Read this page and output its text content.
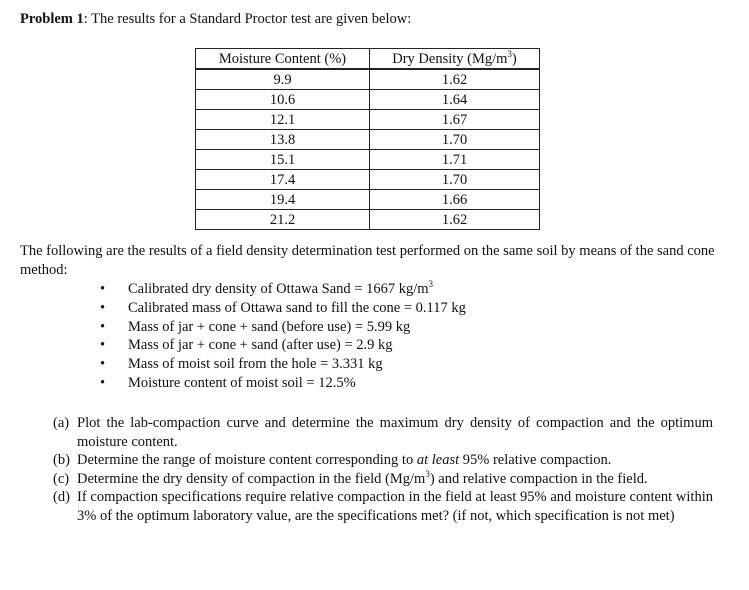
Problem 1: The results for a Standard Proctor test are given below:
Moisture Content (%)	Dry Density $(Mg/m^3)$
9.9	1.62
10.6	1.64
12.1	1.67
13.8	1.70
15.1	1.71
17.4	1.70
19.4	1.66
21.2	1.62
The following are the results of a field density determination test performed on the same soil by means of the sand cone method:
• Calibrated dry density of Ottawa Sand = 1667 $kg/m^3$
• Calibrated mass of Ottawa sand to fill the cone = 0.117 kg
• Mass of jar + cone + sand (before use) = 5.99 kg
• Mass of jar + cone + sand (after use) = 2.9 kg
• Mass of moist soil from the hole = 3.331 kg
• Moisture content of moist soil = 12.5%
(a) Plot the lab-compaction curve and determine the maximum dry density of compaction and the optimum moisture content.
(b) Determine the range of moisture content corresponding to at least 95% relative compaction.
(c) Determine the dry density of compaction in the field $(Mg/m^3)$ and relative compaction in the field.
(d) If compaction specifications require relative compaction in the field at least 95% and moisture content within 3% of the optimum laboratory value, are the specifications met? (if not, which specification is not met)
